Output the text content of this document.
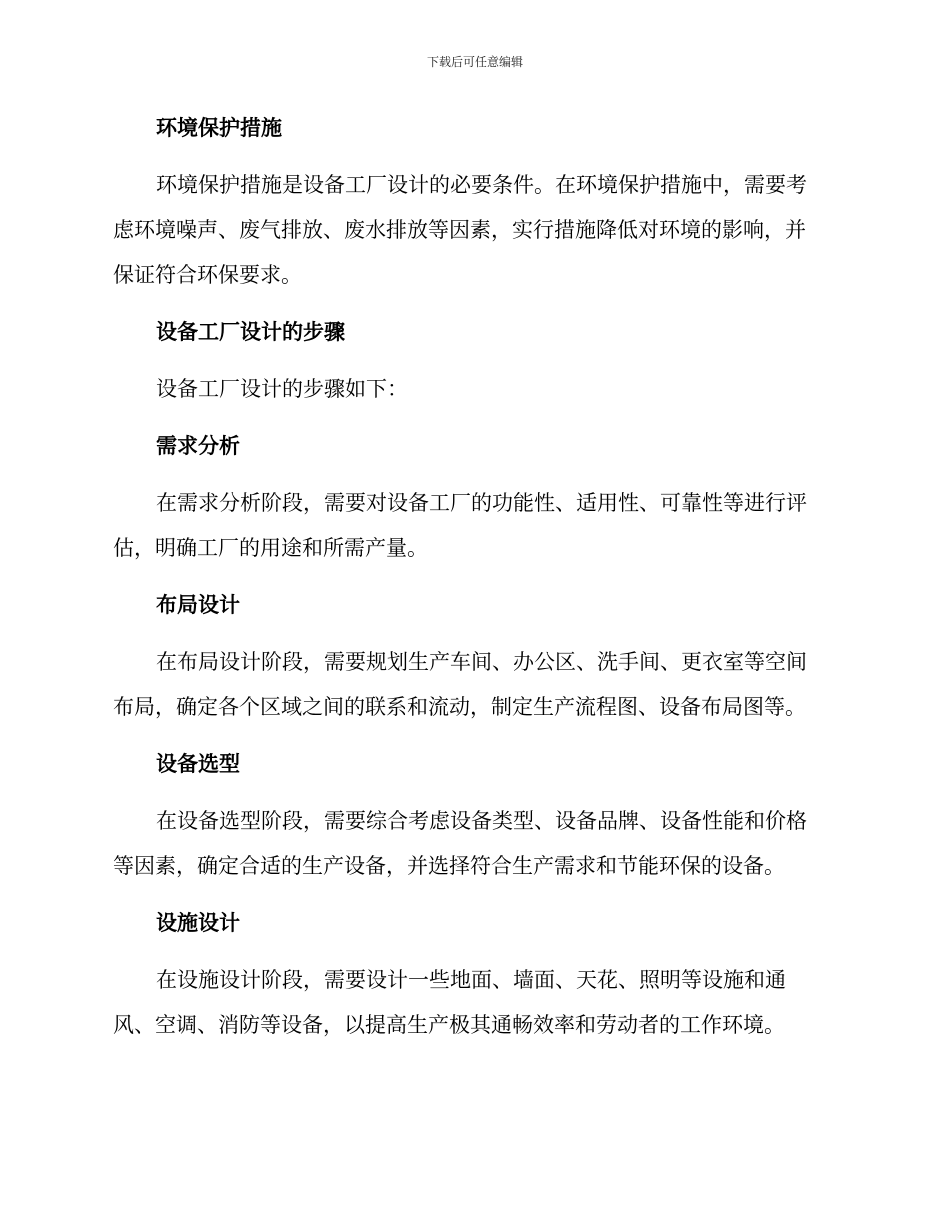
下载后可任意编辑
环境保护措施

环境保护措施是设备工厂设计的必要条件。在环境保护措施中，需要考
虑环境噪声、废气排放、废水排放等因素，实行措施降低对环境的影响，并
保证符合环保要求。

设备工厂设计的步骤

设备工厂设计的步骤如下：

需求分析

在需求分析阶段，需要对设备工厂的功能性、适用性、可靠性等进行评
估，明确工厂的用途和所需产量。

布局设计

在布局设计阶段，需要规划生产车间、办公区、洗手间、更衣室等空间
布局，确定各个区域之间的联系和流动，制定生产流程图、设备布局图等。

设备选型

在设备选型阶段，需要综合考虑设备类型、设备品牌、设备性能和价格
等因素，确定合适的生产设备，并选择符合生产需求和节能环保的设备。

设施设计

在设施设计阶段，需要设计一些地面、墙面、天花、照明等设施和通
风、空调、消防等设备，以提高生产极其通畅效率和劳动者的工作环境。
